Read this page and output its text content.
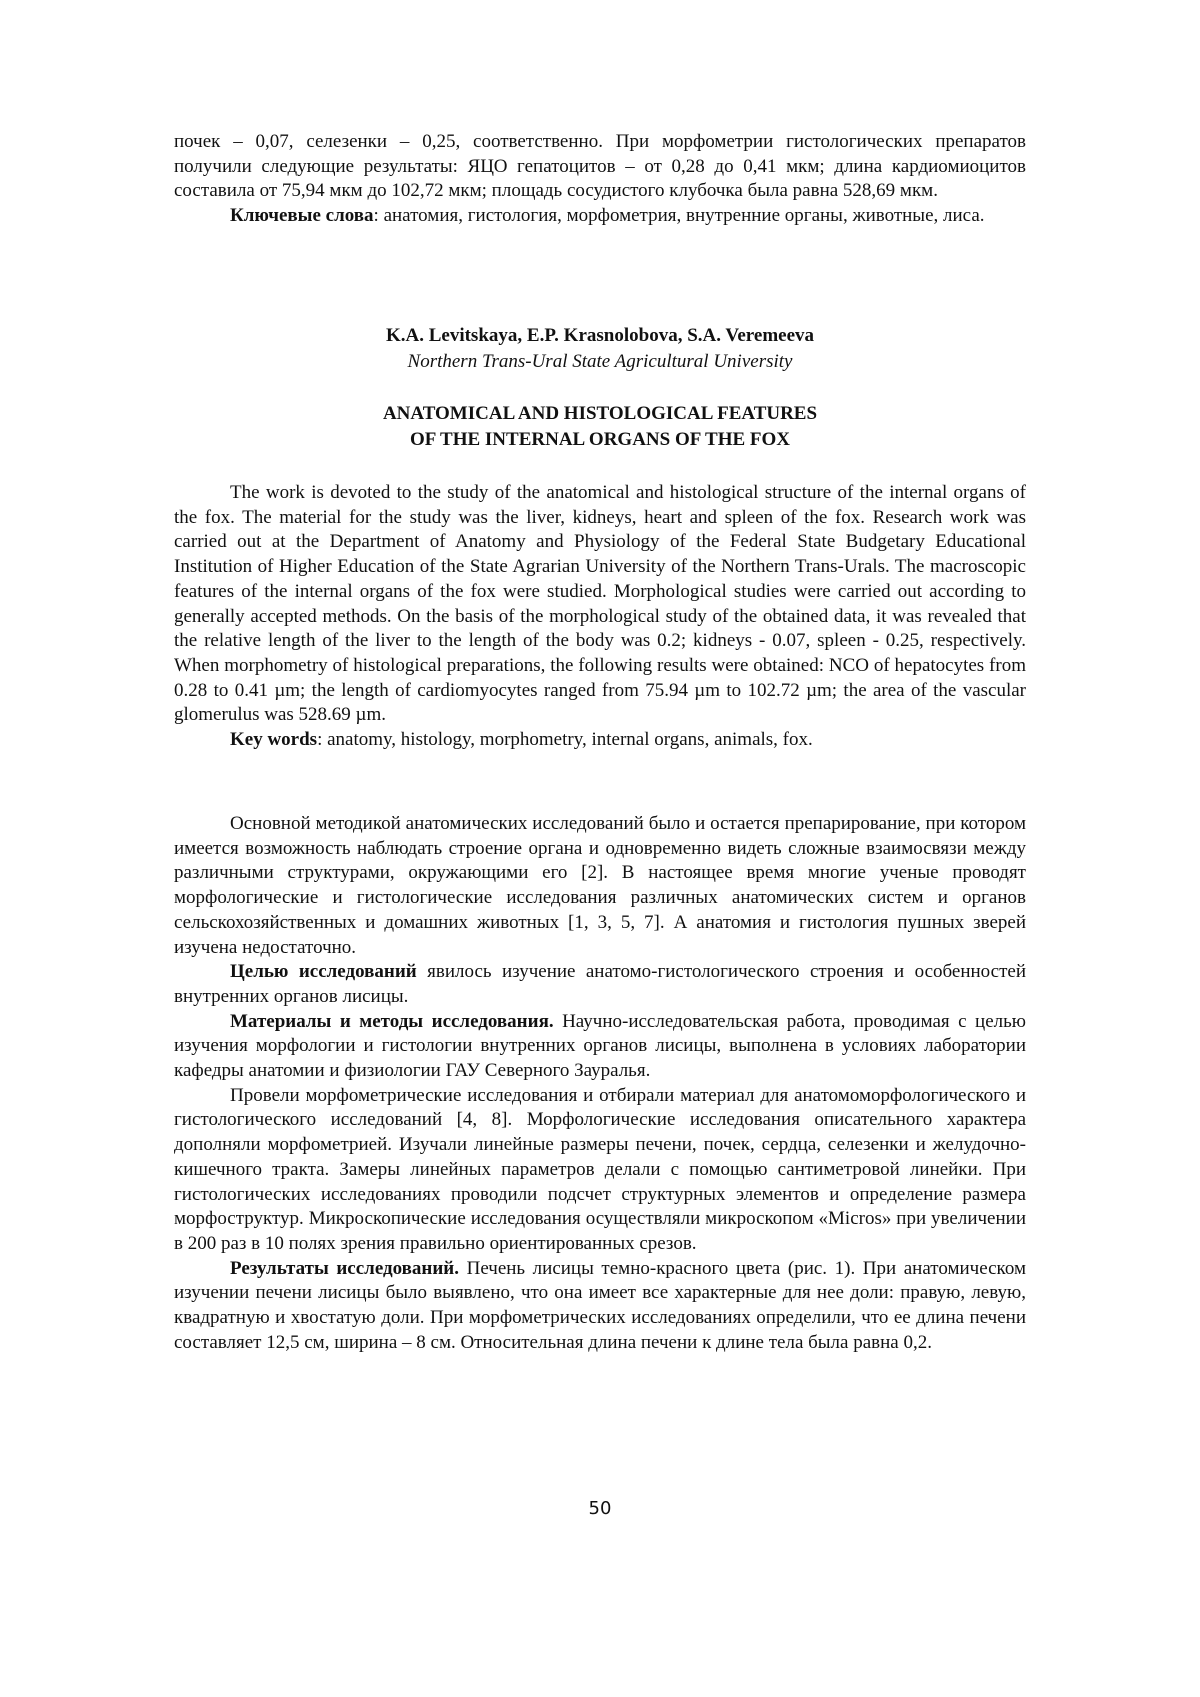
почек – 0,07, селезенки – 0,25, соответственно. При морфометрии гистологических препаратов получили следующие результаты: ЯЦО гепатоцитов – от 0,28 до 0,41 мкм; длина кардиомиоцитов составила от 75,94 мкм до 102,72 мкм; площадь сосудистого клубочка была равна 528,69 мкм.

Ключевые слова: анатомия, гистология, морфометрия, внутренние органы, животные, лиса.

K.A. Levitskaya, E.P. Krasnolobova, S.A. Veremeeva
Northern Trans-Ural State Agricultural University
ANATOMICAL AND HISTOLOGICAL FEATURES
OF THE INTERNAL ORGANS OF THE FOX

The work is devoted to the study of the anatomical and histological structure of the internal organs of the fox. The material for the study was the liver, kidneys, heart and spleen of the fox. Research work was carried out at the Department of Anatomy and Physiology of the Federal State Budgetary Educational Institution of Higher Education of the State Agrarian University of the Northern Trans-Urals. The macroscopic features of the internal organs of the fox were studied. Morphological studies were carried out according to generally accepted methods. On the basis of the morphological study of the obtained data, it was revealed that the relative length of the liver to the length of the body was 0.2; kidneys - 0.07, spleen - 0.25, respectively. When morphometry of histological preparations, the following results were obtained: NCO of hepatocytes from 0.28 to 0.41 µm; the length of cardiomyocytes ranged from 75.94 µm to 102.72 µm; the area of the vascular glomerulus was 528.69 µm.

Key words: anatomy, histology, morphometry, internal organs, animals, fox.

Основной методикой анатомических исследований было и остается препарирование, при котором имеется возможность наблюдать строение органа и одновременно видеть сложные взаимосвязи между различными структурами, окружающими его [2]. В настоящее время многие ученые проводят морфологические и гистологические исследования различных анатомических систем и органов сельскохозяйственных и домашних животных [1, 3, 5, 7]. А анатомия и гистология пушных зверей изучена недостаточно.

Целью исследований явилось изучение анатомо-гистологического строения и особенностей внутренних органов лисицы.

Материалы и методы исследования. Научно-исследовательская работа, проводимая с целью изучения морфологии и гистологии внутренних органов лисицы, выполнена в условиях лаборатории кафедры анатомии и физиологии ГАУ Северного Зауралья.

Провели морфометрические исследования и отбирали материал для анатомоморфологического и гистологического исследований [4, 8]. Морфологические исследования описательного характера дополняли морфометрией. Изучали линейные размеры печени, почек, сердца, селезенки и желудочно-кишечного тракта. Замеры линейных параметров делали с помощью сантиметровой линейки. При гистологических исследованиях проводили подсчет структурных элементов и определение размера морфоструктур. Микроскопические исследования осуществляли микроскопом «Micros» при увеличении в 200 раз в 10 полях зрения правильно ориентированных срезов.

Результаты исследований. Печень лисицы темно-красного цвета (рис. 1). При анатомическом изучении печени лисицы было выявлено, что она имеет все характерные для нее доли: правую, левую, квадратную и хвостатую доли. При морфометрических исследованиях определили, что ее длина печени составляет 12,5 см, ширина – 8 см. Относительная длина печени к длине тела была равна 0,2.

50
